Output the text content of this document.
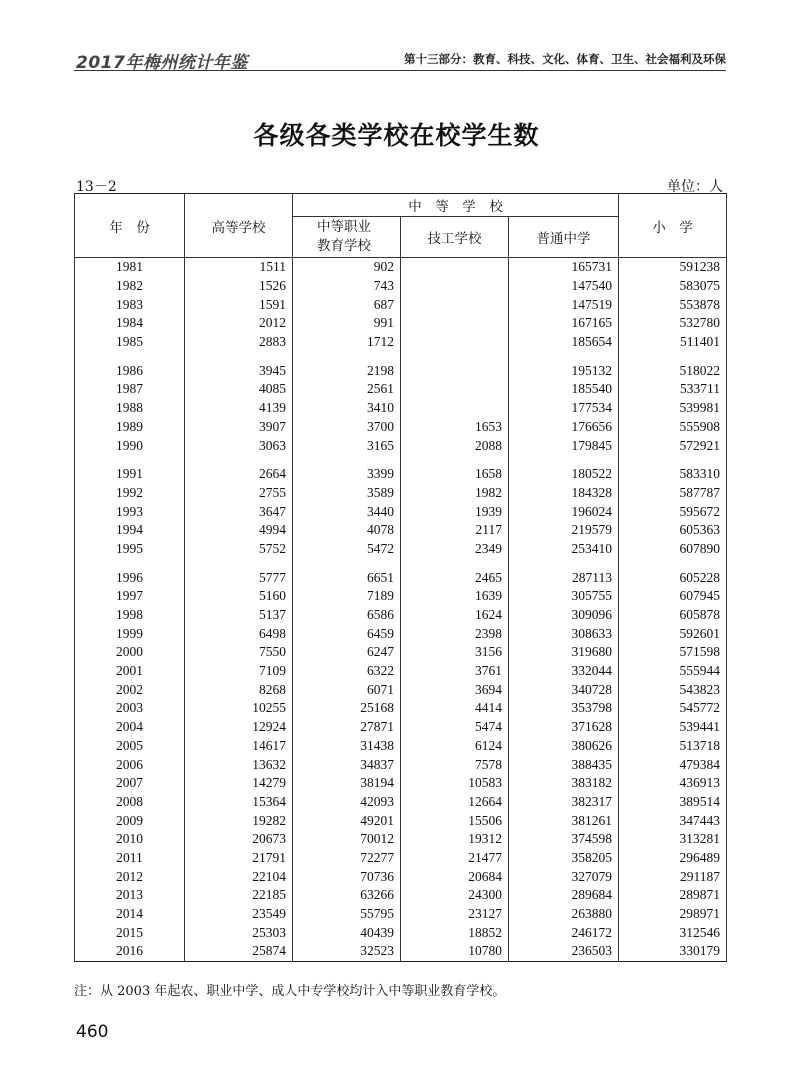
2017年梅州统计年鉴	第十三部分：教育、科技、文化、体育、卫生、社会福利及环保
各级各类学校在校学生数
13－2	单位：人
年　份	高等学校	中　等　学　校			小　学
		中等职业教育学校	技工学校	普通中学	
1981	1511	902		165731	591238
1982	1526	743		147540	583075
1983	1591	687		147519	553878
1984	2012	991		167165	532780
1985	2883	1712		185654	511401

1986	3945	2198		195132	518022
1987	4085	2561		185540	533711
1988	4139	3410		177534	539981
1989	3907	3700	1653	176656	555908
1990	3063	3165	2088	179845	572921

1991	2664	3399	1658	180522	583310
1992	2755	3589	1982	184328	587787
1993	3647	3440	1939	196024	595672
1994	4994	4078	2117	219579	605363
1995	5752	5472	2349	253410	607890

1996	5777	6651	2465	287113	605228
1997	5160	7189	1639	305755	607945
1998	5137	6586	1624	309096	605878
1999	6498	6459	2398	308633	592601
2000	7550	6247	3156	319680	571598
2001	7109	6322	3761	332044	555944
2002	8268	6071	3694	340728	543823
2003	10255	25168	4414	353798	545772
2004	12924	27871	5474	371628	539441
2005	14617	31438	6124	380626	513718
2006	13632	34837	7578	388435	479384
2007	14279	38194	10583	383182	436913
2008	15364	42093	12664	382317	389514
2009	19282	49201	15506	381261	347443
2010	20673	70012	19312	374598	313281
2011	21791	72277	21477	358205	296489
2012	22104	70736	20684	327079	291187
2013	22185	63266	24300	289684	289871
2014	23549	55795	23127	263880	298971
2015	25303	40439	18852	246172	312546
2016	25874	32523	10780	236503	330179
注：从 2003 年起农、职业中学、成人中专学校均计入中等职业教育学校。
460
